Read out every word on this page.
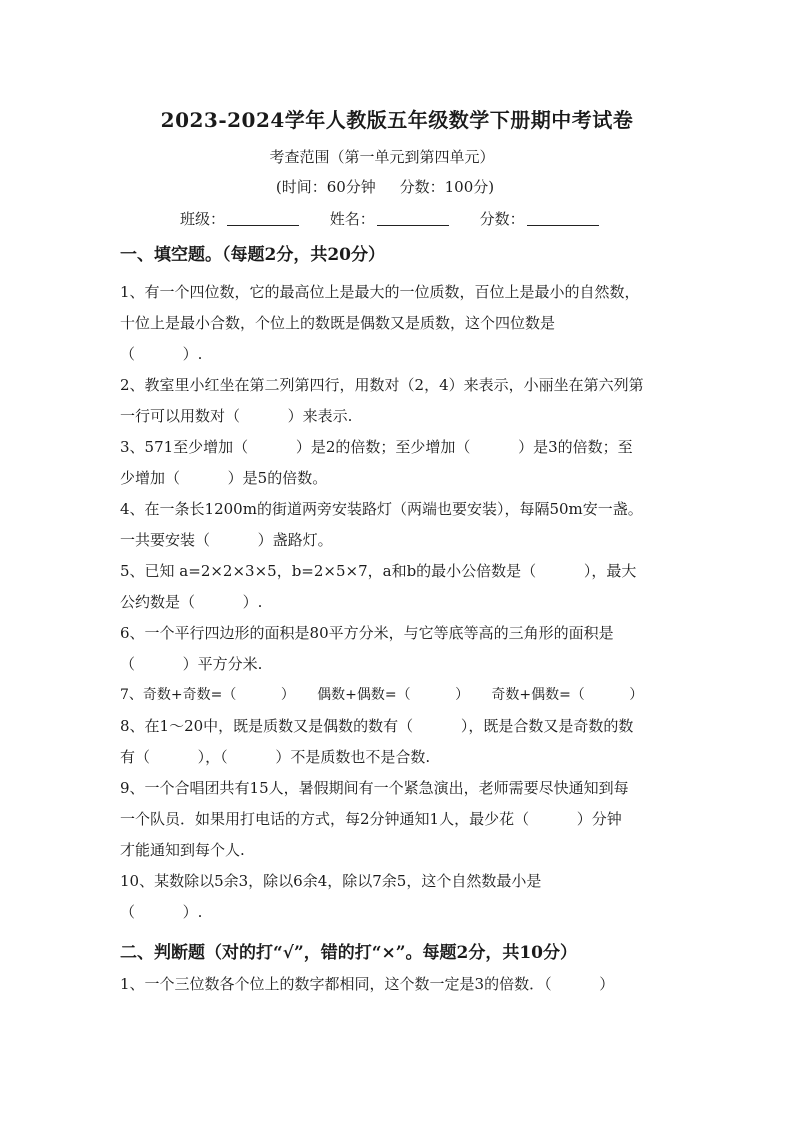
2023-2024学年人教版五年级数学下册期中考试卷
考查范围（第一单元到第四单元）
(时间：60分钟     分数：100分)
班级：	姓名：	分数：
一、填空题。（每题2分，共20分）
1、有一个四位数，它的最高位上是最大的一位质数，百位上是最小的自然数，
十位上是最小合数，个位上的数既是偶数又是质数，这个四位数是
（          ）.
2、教室里小红坐在第二列第四行，用数对（2，4）来表示，小丽坐在第六列第
一行可以用数对（          ）来表示.
3、571至少增加（          ）是2的倍数；至少增加（          ）是3的倍数；至
少增加（          ）是5的倍数。
4、在一条长1200m的街道两旁安装路灯（两端也要安装），每隔50m安一盏。
一共要安装（          ）盏路灯。
5、已知 a=2×2×3×5，b=2×5×7，a和b的最小公倍数是（          ），最大
公约数是（          ）.
6、一个平行四边形的面积是80平方分米，与它等底等高的三角形的面积是
（          ）平方分米.
7、奇数+奇数=（          ）     偶数+偶数=（          ）     奇数+偶数=（          ）
8、在1～20中，既是质数又是偶数的数有（          ），既是合数又是奇数的数
有（          ），（          ）不是质数也不是合数.
9、一个合唱团共有15人，暑假期间有一个紧急演出，老师需要尽快通知到每
一个队员．如果用打电话的方式，每2分钟通知1人，最少花（          ）分钟
才能通知到每个人.
10、某数除以5余3，除以6余4，除以7余5，这个自然数最小是
（          ）.
二、判断题（对的打“√”，错的打“×”。每题2分，共10分）
1、一个三位数各个位上的数字都相同，这个数一定是3的倍数．（          ）
